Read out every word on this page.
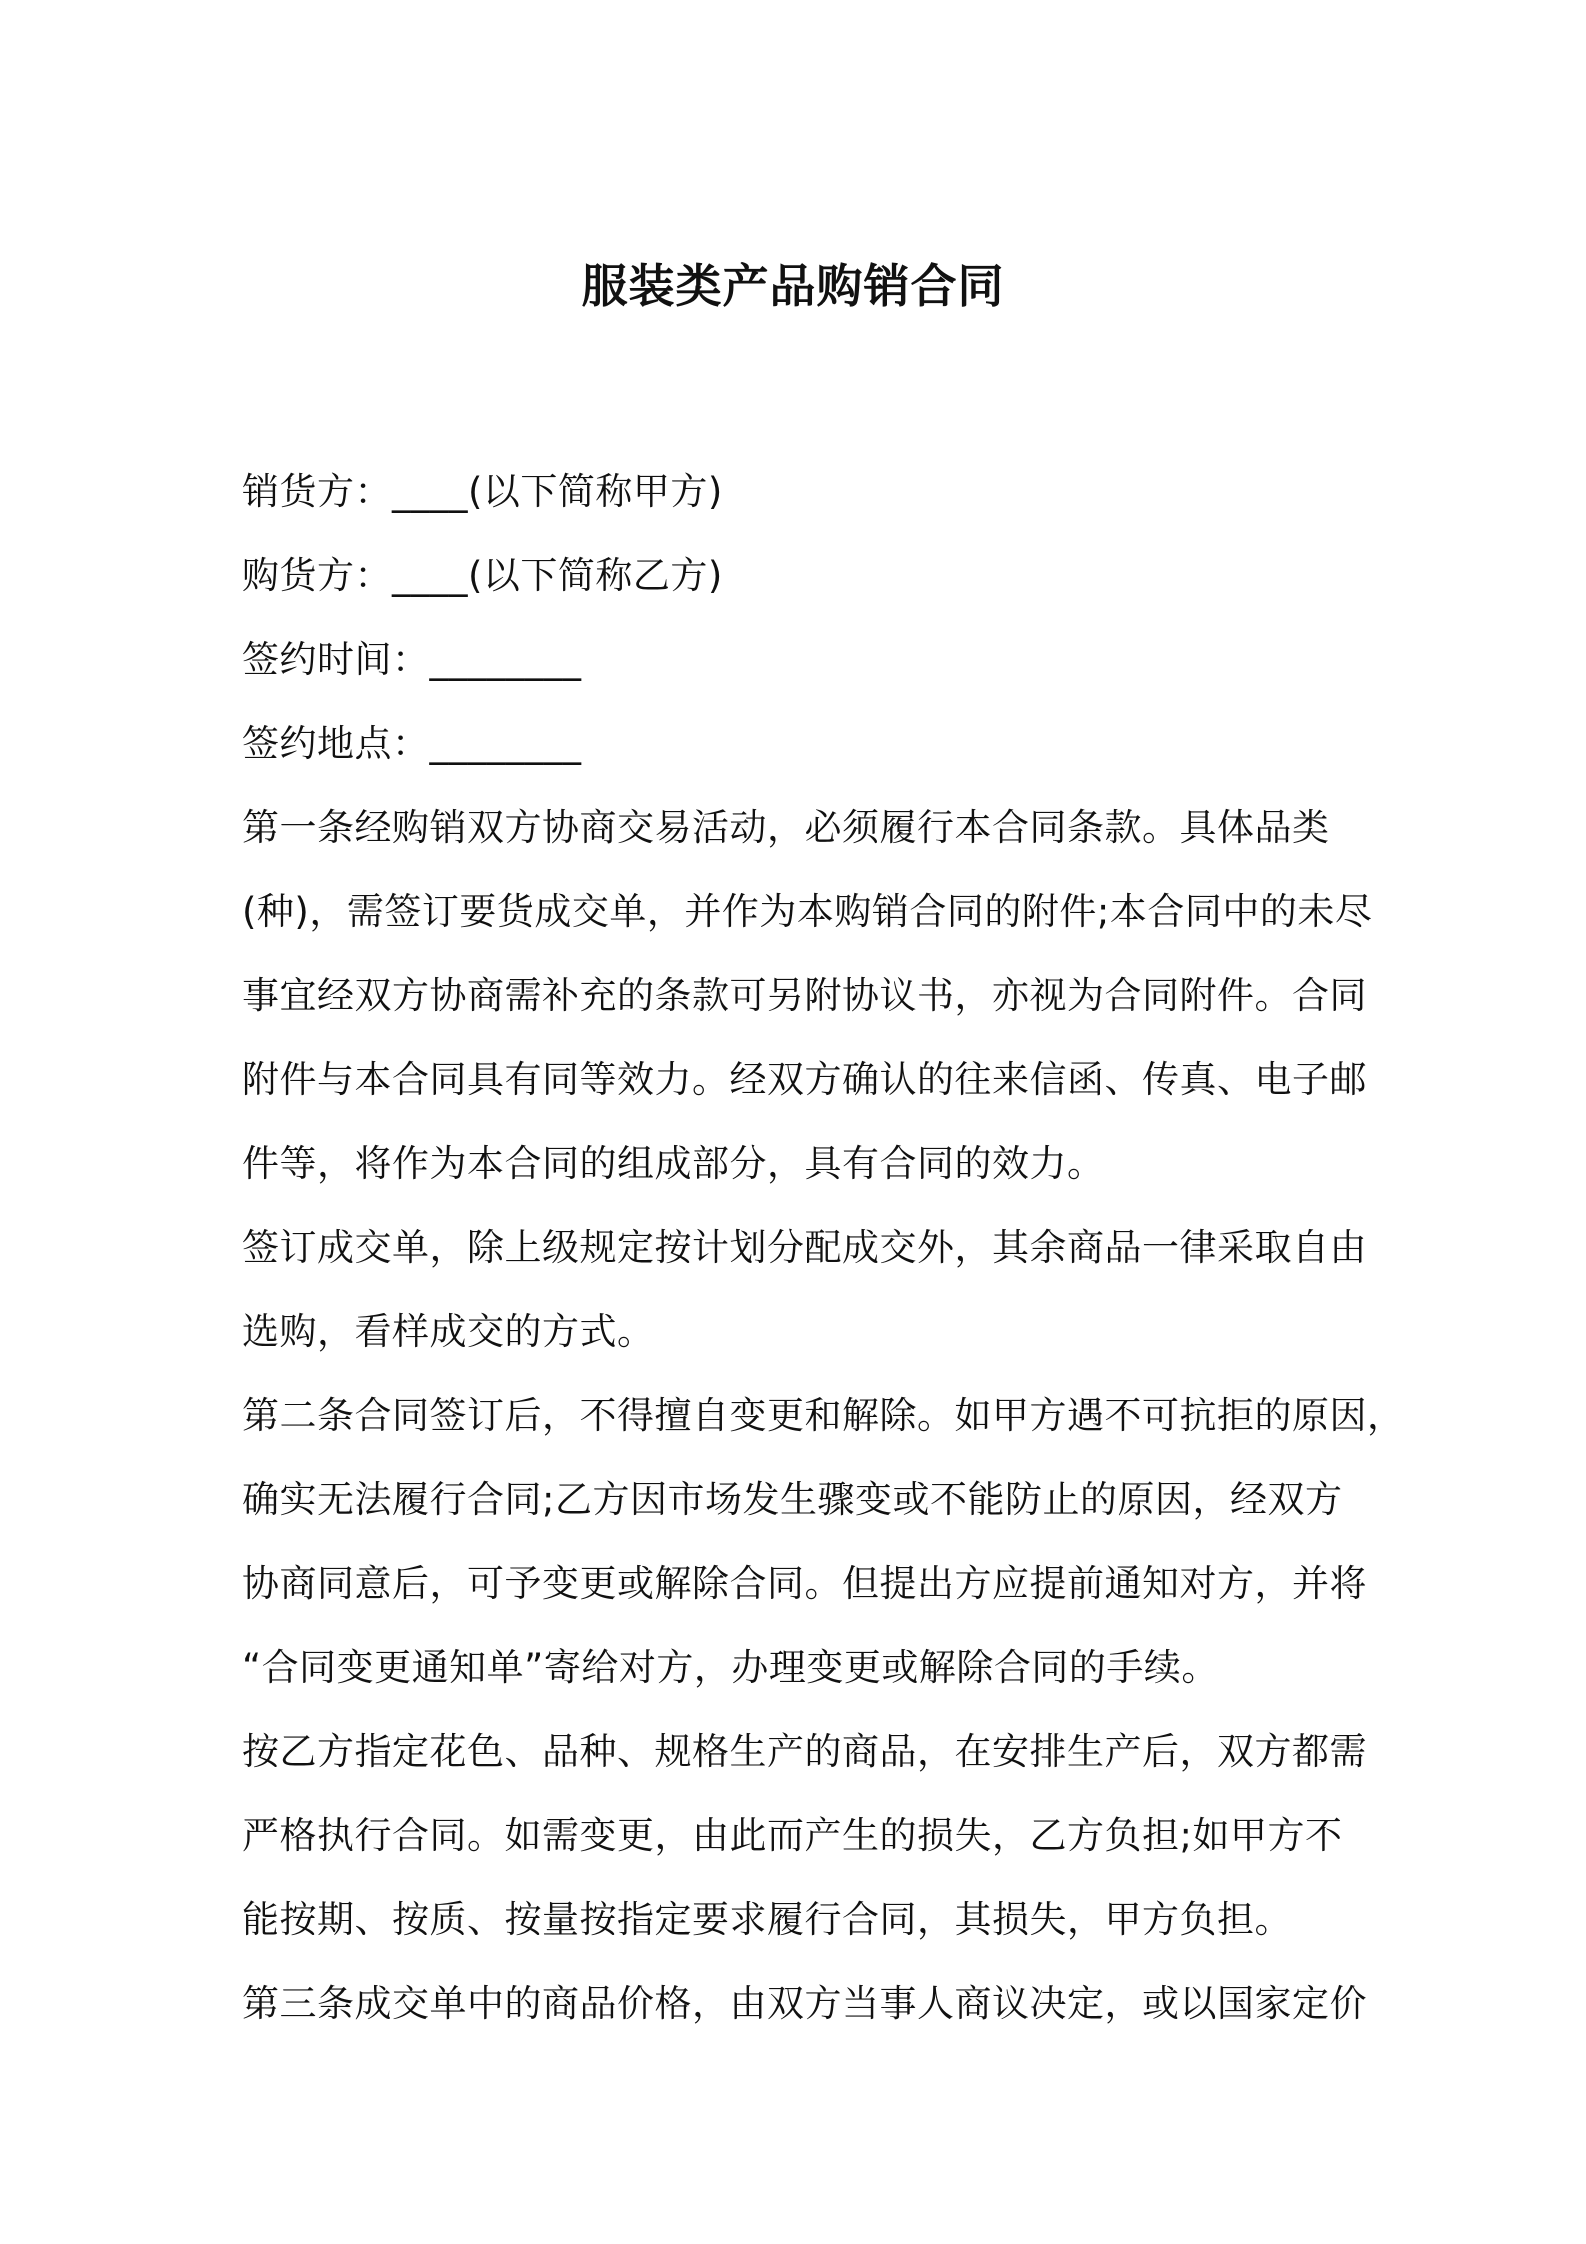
服装类产品购销合同
销货方：____(以下简称甲方)
购货方：____(以下简称乙方)
签约时间：________
签约地点：________
第一条经购销双方协商交易活动，必须履行本合同条款。具体品类
(种)，需签订要货成交单，并作为本购销合同的附件;本合同中的未尽
事宜经双方协商需补充的条款可另附协议书，亦视为合同附件。合同
附件与本合同具有同等效力。经双方确认的往来信函、传真、电子邮
件等，将作为本合同的组成部分，具有合同的效力。
签订成交单，除上级规定按计划分配成交外，其余商品一律采取自由
选购，看样成交的方式。
第二条合同签订后，不得擅自变更和解除。如甲方遇不可抗拒的原因，
确实无法履行合同;乙方因市场发生骤变或不能防止的原因，经双方
协商同意后，可予变更或解除合同。但提出方应提前通知对方，并将
“合同变更通知单”寄给对方，办理变更或解除合同的手续。
按乙方指定花色、品种、规格生产的商品，在安排生产后，双方都需
严格执行合同。如需变更，由此而产生的损失，乙方负担;如甲方不
能按期、按质、按量按指定要求履行合同，其损失，甲方负担。
第三条成交单中的商品价格，由双方当事人商议决定，或以国家定价
